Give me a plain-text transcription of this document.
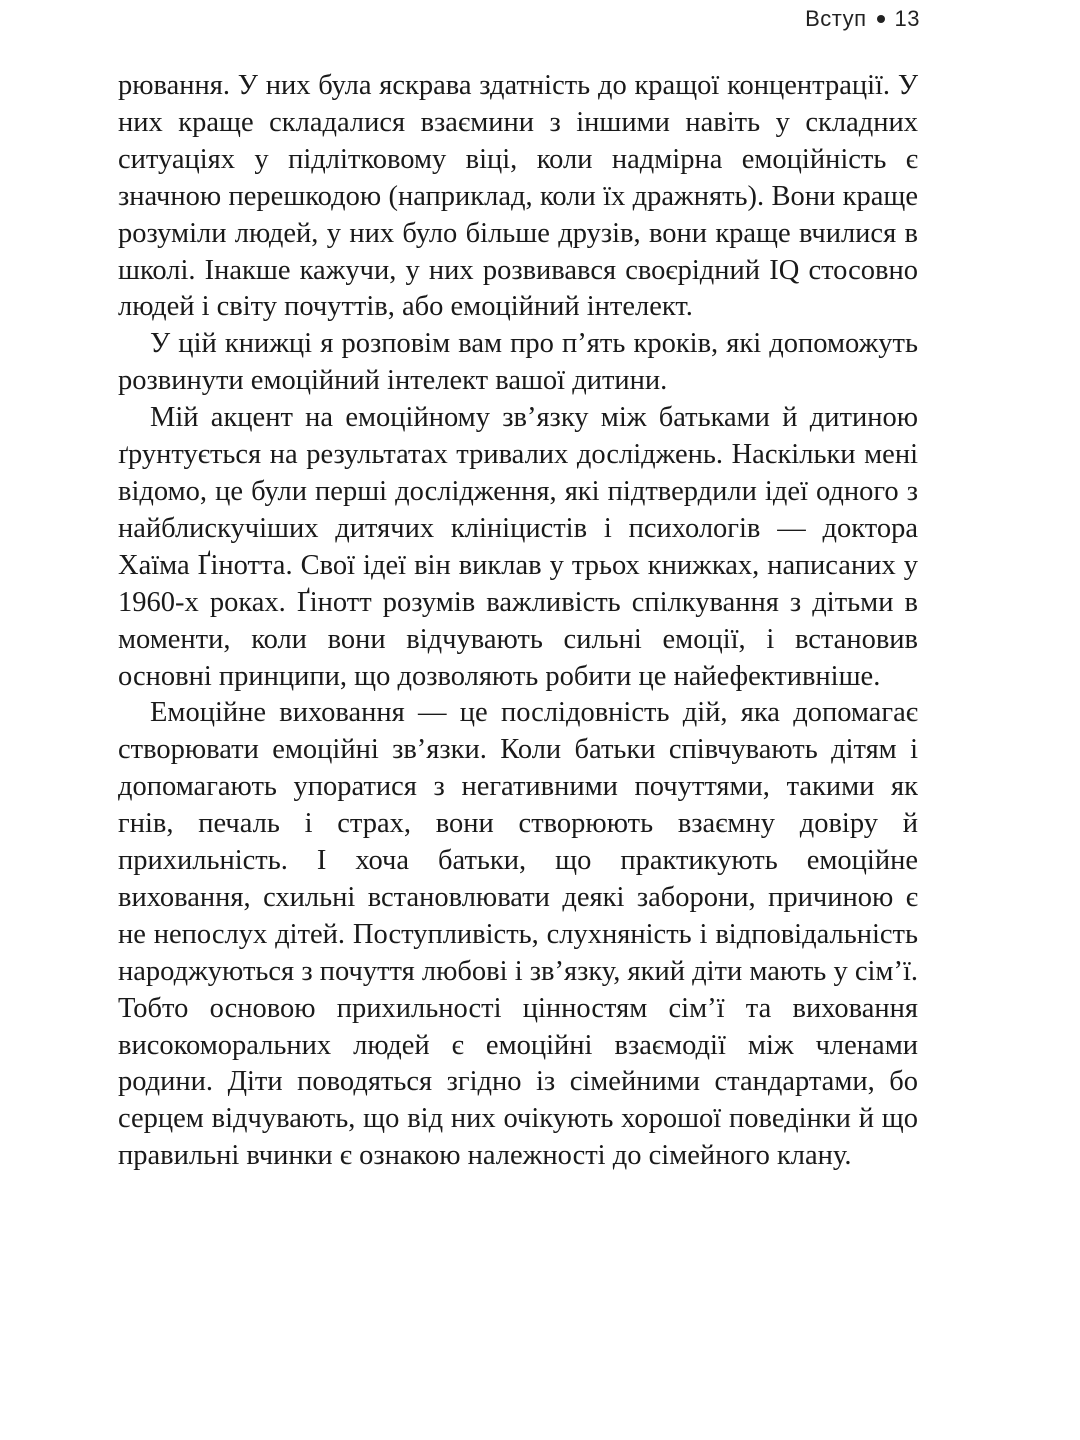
Вступ 13

рювання. У них була яскрава здатність до кращої концентрації. У них краще складалися взаємини з іншими навіть у складних ситуаціях у підлітковому віці, коли надмірна емоційність є значною перешкодою (наприклад, коли їх дражнять). Вони краще розуміли людей, у них було більше друзів, вони краще вчилися в школі. Інакше кажучи, у них розвивався своєрідний IQ стосовно людей і світу почуттів, або емоційний інтелект.

У цій книжці я розповім вам про п’ять кроків, які допоможуть розвинути емоційний інтелект вашої дитини.

Мій акцент на емоційному зв’язку між батьками й дитиною ґрунтується на результатах тривалих досліджень. Наскільки мені відомо, це були перші дослідження, які підтвердили ідеї одного з найблискучіших дитячих клініцистів і психологів — доктора Хаїма Ґінотта. Свої ідеї він виклав у трьох книжках, написаних у 1960-х роках. Ґінотт розумів важливість спілкування з дітьми в моменти, коли вони відчувають сильні емоції, і встановив основні принципи, що дозволяють робити це найефективніше.

Емоційне виховання — це послідовність дій, яка допомагає створювати емоційні зв’язки. Коли батьки співчувають дітям і допомагають упоратися з негативними почуттями, такими як гнів, печаль і страх, вони створюють взаємну довіру й прихильність. І хоча батьки, що практикують емоційне виховання, схильні встановлювати деякі заборони, причиною є не непослух дітей. Поступливість, слухняність і відповідальність народжуються з почуття любові і зв’язку, який діти мають у сім’ї. Тобто основою прихильності цінностям сім’ї та виховання високоморальних людей є емоційні взаємодії між членами родини. Діти поводяться згідно із сімейними стандартами, бо серцем відчувають, що від них очікують хорошої поведінки й що правильні вчинки є ознакою належності до сімейного клану.
